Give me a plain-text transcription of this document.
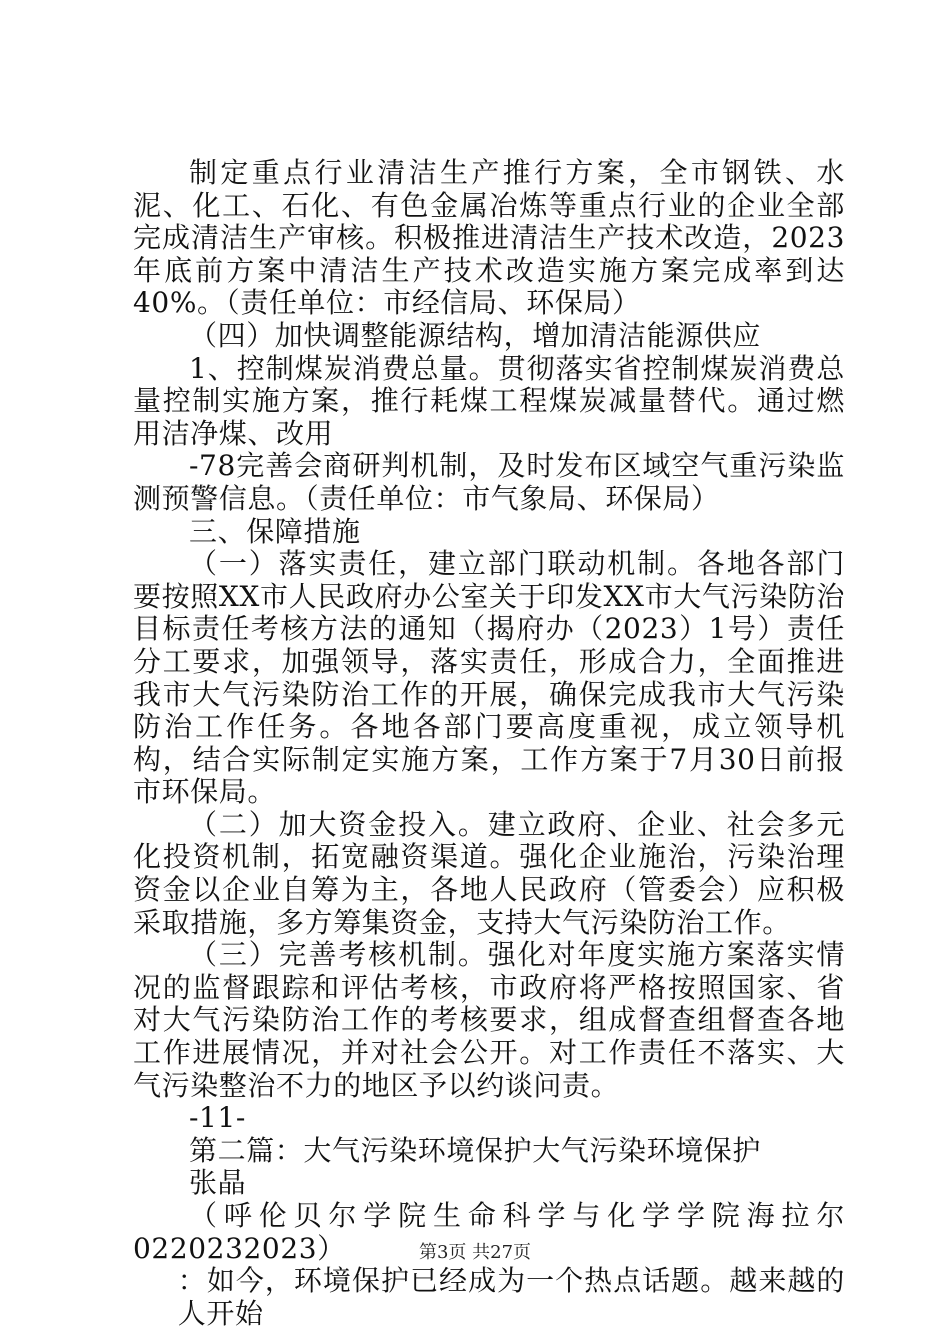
制定重点行业清洁生产推行方案，全市钢铁、水泥、化工、石化、有色金属冶炼等重点行业的企业全部完成清洁生产审核。积极推进清洁生产技术改造，2023年底前方案中清洁生产技术改造实施方案完成率到达40%。（责任单位：市经信局、环保局）

（四）加快调整能源结构，增加清洁能源供应

1、控制煤炭消费总量。贯彻落实省控制煤炭消费总量控制实施方案，推行耗煤工程煤炭减量替代。通过燃用洁净煤、改用

-78完善会商研判机制，及时发布区域空气重污染监测预警信息。（责任单位：市气象局、环保局）

三、保障措施

（一）落实责任，建立部门联动机制。各地各部门要按照XX市人民政府办公室关于印发XX市大气污染防治目标责任考核方法的通知（揭府办（2023）1号）责任分工要求，加强领导，落实责任，形成合力，全面推进我市大气污染防治工作的开展，确保完成我市大气污染防治工作任务。各地各部门要高度重视，成立领导机构，结合实际制定实施方案，工作方案于7月30日前报市环保局。

（二）加大资金投入。建立政府、企业、社会多元化投资机制，拓宽融资渠道。强化企业施治，污染治理资金以企业自筹为主，各地人民政府（管委会）应积极采取措施，多方筹集资金，支持大气污染防治工作。

（三）完善考核机制。强化对年度实施方案落实情况的监督跟踪和评估考核，市政府将严格按照国家、省对大气污染防治工作的考核要求，组成督查组督查各地工作进展情况，并对社会公开。对工作责任不落实、大气污染整治不力的地区予以约谈问责。

-11-

第二篇：大气污染环境保护大气污染环境保护

张晶

（呼伦贝尔学院生命科学与化学学院海拉尔0220232023）

：如今，环境保护已经成为一个热点话题。越来越的人开始

第3页 共27页
